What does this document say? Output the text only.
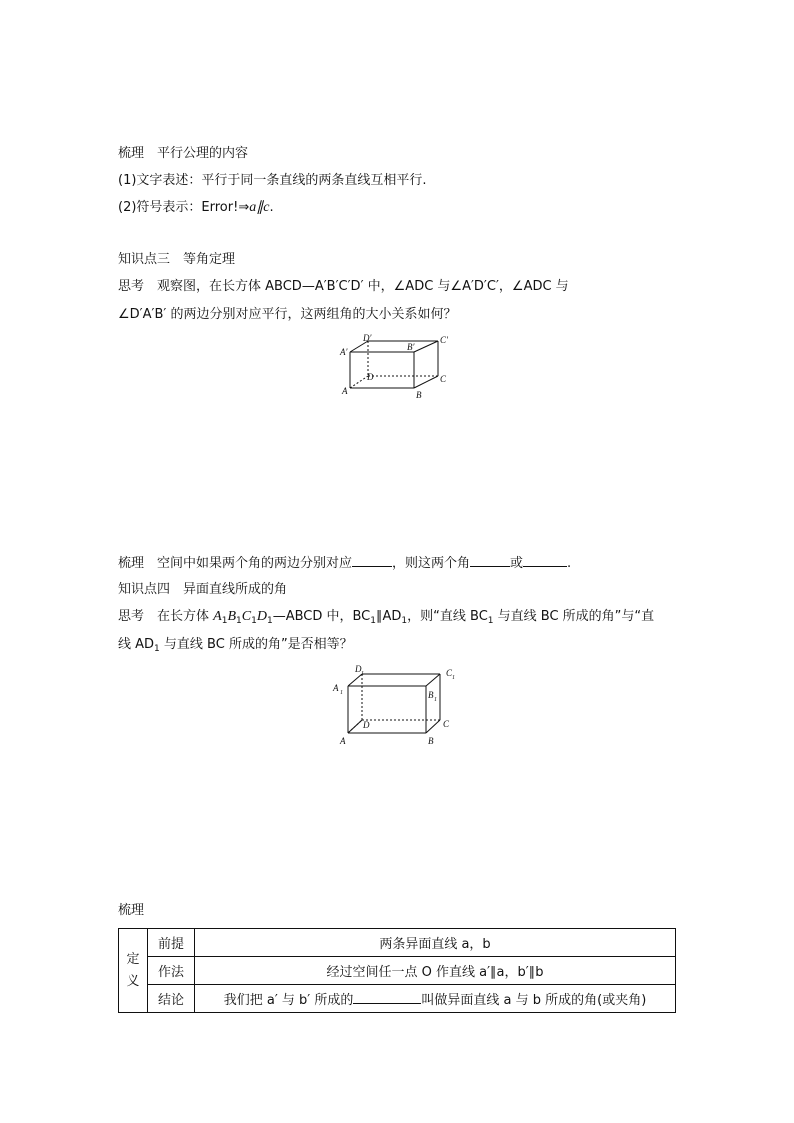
梳理　平行公理的内容
(1)文字表述：平行于同一条直线的两条直线互相平行.
(2)符号表示：Error!⇒a∥c.
知识点三　等角定理
思考　观察图，在长方体 ABCD—A′B′C′D′ 中，∠ADC 与∠A′D′C′，∠ADC 与
∠D′A′B′ 的两边分别对应平行，这两组角的大小关系如何？
A	B
C
D
A′	B′
C′
D′
梳理　空间中如果两个角的两边分别对应	，则这两个角	或	.
知识点四　异面直线所成的角
思考　在长方体 $A_1B_1C_1D_1—ABCD$ 中，$BC_1\parallel AD_1$，则“直线 $BC_1$ 与直线 BC 所成的角”与“直
线 $AD_1$ 与直线 BC 所成的角”是否相等？
A	B
C
D
A 1	B 1
C 1
D 1
梳理
定
义	前提	两条异面直线 a，b
	作法	经过空间任一点 O 作直线 a′∥a，b′∥b
	结论	我们把 a′ 与 b′ 所成的 叫做异面直线 a 与 b 所成的角(或夹角)
